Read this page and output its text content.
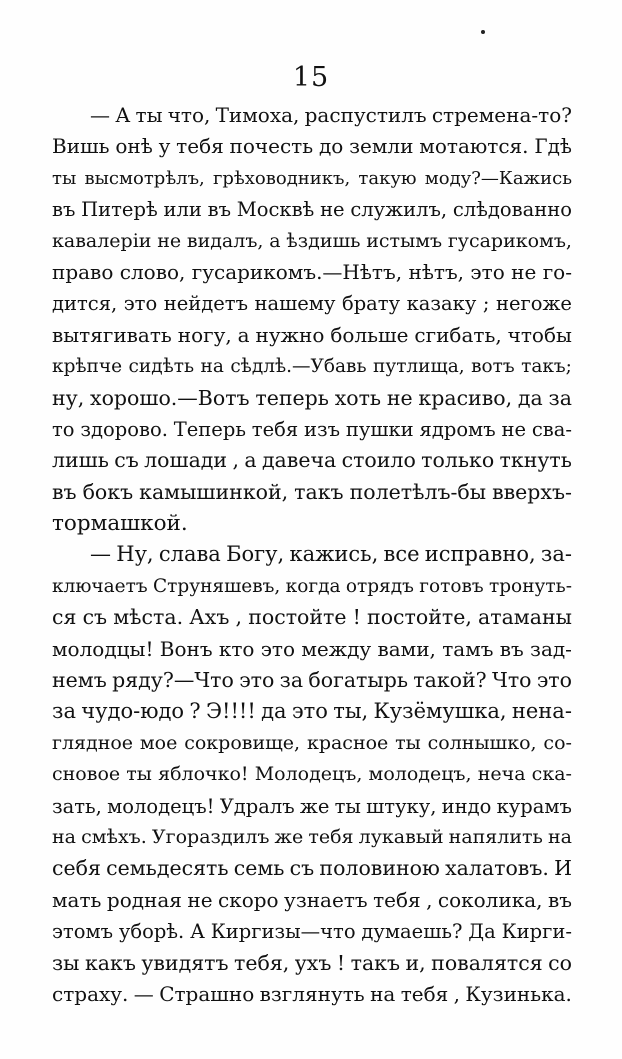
15
— А ты что, Тимоха, распустилъ стремена-то?
Вишь онѣ у тебя почесть до земли мотаются. Гдѣ
ты высмотрѣлъ, грѣховодникъ, такую моду?—Кажись
въ Питерѣ или въ Москвѣ не служилъ, слѣдованно
кавалеріи не видалъ, а ѣздишь истымъ гусарикомъ,
право слово, гусарикомъ.—Нѣтъ, нѣтъ, это не го-
дится, это нейдетъ нашему брату казаку ; негоже
вытягивать ногу, а нужно больше сгибать, чтобы
крѣпче сидѣть на сѣдлѣ.—Убавь путлища, вотъ такъ;
ну, хорошо.—Вотъ теперь хоть не красиво, да за
то здорово. Теперь тебя изъ пушки ядромъ не сва-
лишь съ лошади , а давеча стоило только ткнуть
въ бокъ камышинкой, такъ полетѣлъ-бы вверхъ-
тормашкой.
— Ну, слава Богу, кажись, все исправно, за-
ключаетъ Струняшевъ, когда отрядъ готовъ тронуть-
ся съ мѣста. Ахъ , постойте ! постойте, атаманы
молодцы! Вонъ кто это между вами, тамъ въ зад-
немъ ряду?—Что это за богатырь такой? Что это
за чудо-юдо ? Э!!!! да это ты, Кузёмушка, нена-
глядное мое сокровище, красное ты солнышко, со-
сновое ты яблочко! Молодецъ, молодецъ, неча ска-
зать, молодецъ! Удралъ же ты штуку, индо курамъ
на смѣхъ. Угораздилъ же тебя лукавый напялить на
себя семьдесять семь съ половиною халатовъ. И
мать родная не скоро узнаетъ тебя , соколика, въ
этомъ уборѣ. А Киргизы—что думаешь? Да Кирги-
зы какъ увидятъ тебя, ухъ ! такъ и, повалятся со
страху. — Страшно взглянуть на тебя , Кузинька.
